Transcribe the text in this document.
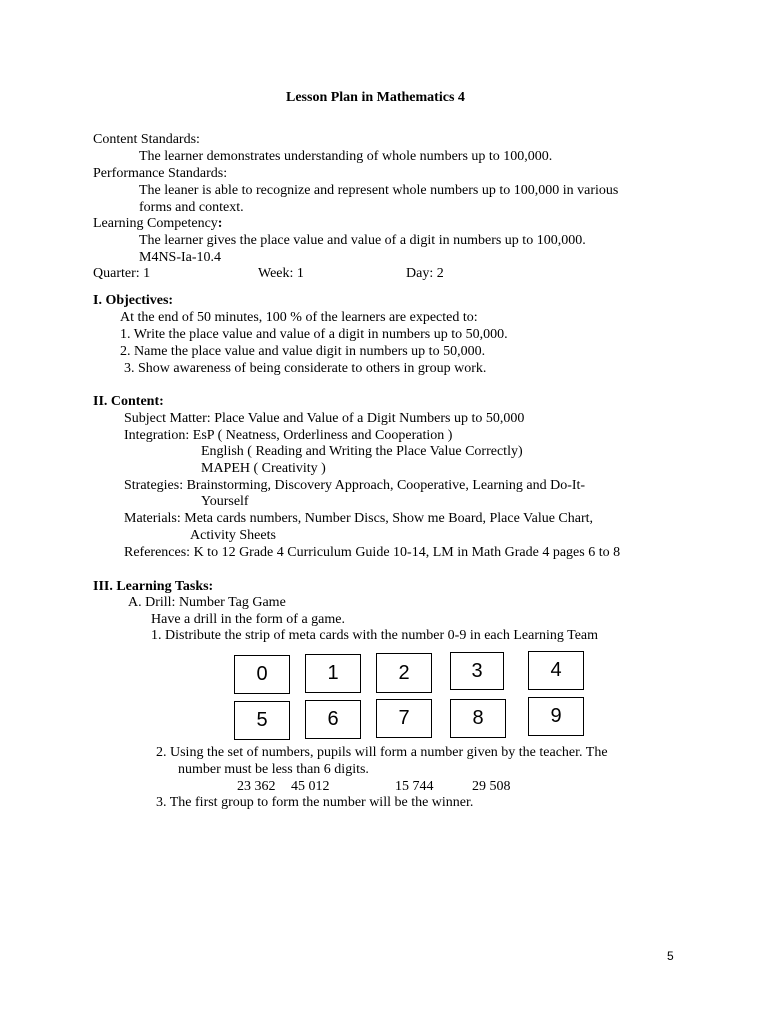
Lesson Plan in Mathematics 4
Content Standards:
The learner demonstrates understanding of whole numbers up to 100,000.
Performance Standards:
The leaner is able to recognize and represent whole numbers up to 100,000 in various
forms and context.
Learning Competency:
The learner gives the place value and value of a digit in numbers up to 100,000.
M4NS-Ia-10.4
Quarter: 1	Week: 1	Day: 2
I. Objectives:
At the end of 50 minutes, 100 % of the learners are expected to:
1. Write the place value and value of a digit in numbers up to 50,000.
2. Name the place value and value digit in numbers up to 50,000.
3. Show awareness of being considerate to others in group work.
II. Content:
Subject Matter: Place Value and Value of a Digit Numbers up to 50,000
Integration: EsP ( Neatness, Orderliness and Cooperation )
English ( Reading and Writing the Place Value Correctly)
MAPEH ( Creativity )
Strategies: Brainstorming, Discovery Approach, Cooperative, Learning and Do-It-
Yourself
Materials: Meta cards numbers, Number Discs, Show me Board, Place Value Chart,
Activity Sheets
References: K to 12 Grade 4 Curriculum Guide 10-14, LM in Math Grade 4 pages 6 to 8
III. Learning Tasks:
A. Drill: Number Tag Game
Have a drill in the form of a game.
1. Distribute the strip of meta cards with the number 0-9 in each Learning Team
0	1	2	3	4
5	6	7	8	9
2. Using the set of numbers, pupils will form a number given by the teacher. The
number must be less than 6 digits.
23 362 45 012	15 744	29 508
3. The first group to form the number will be the winner.
5
